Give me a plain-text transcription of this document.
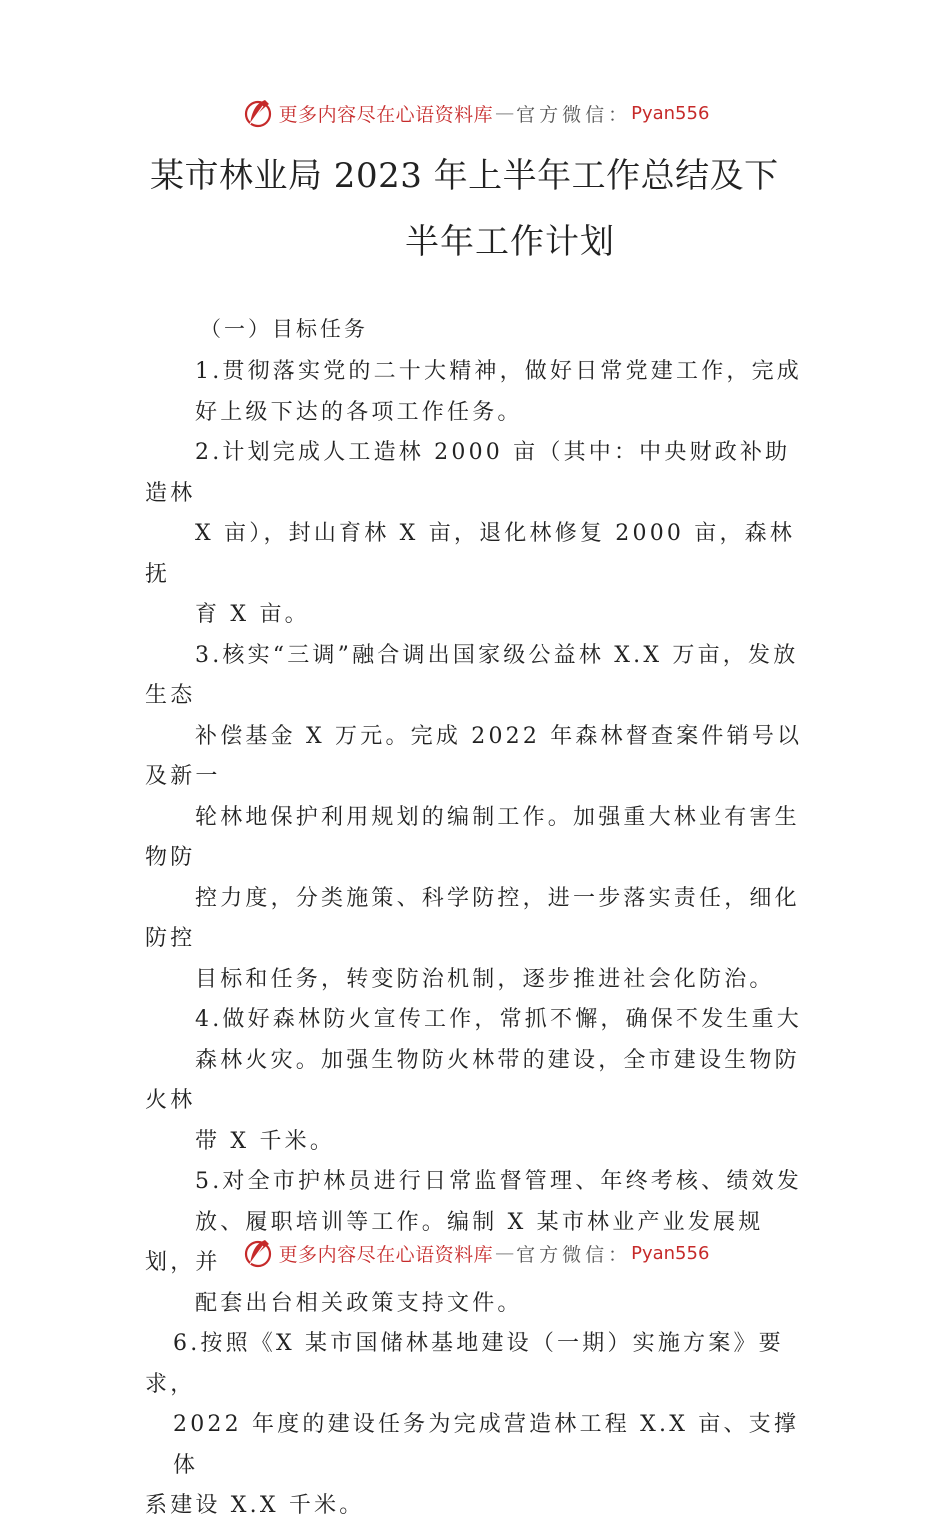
更多内容尽在心语资料库 — 官方微信： Pyan556
某市林业局 2023 年上半年工作总结及下
半年工作计划
（一）目标任务

1.贯彻落实党的二十大精神，做好日常党建工作，完成
好上级下达的各项工作任务。

2.计划完成人工造林 2000 亩（其中：中央财政补助造林
X 亩），封山育林 X 亩，退化林修复 2000 亩，森林抚
育 X 亩。

3.核实“三调”融合调出国家级公益林 X.X 万亩，发放生态
补偿基金 X 万元。完成 2022 年森林督查案件销号以及新一
轮林地保护利用规划的编制工作。加强重大林业有害生物防
控力度，分类施策、科学防控，进一步落实责任，细化防控
目标和任务，转变防治机制，逐步推进社会化防治。

4.做好森林防火宣传工作，常抓不懈，确保不发生重大
森林火灾。加强生物防火林带的建设，全市建设生物防火林
带 X 千米。

5.对全市护林员进行日常监督管理、年终考核、绩效发
放、履职培训等工作。编制 X 某市林业产业发展规划，并
配套出台相关政策支持文件。

6.按照《X 某市国储林基地建设（一期）实施方案》要求，
2022 年度的建设任务为完成营造林工程 X.X 亩、支撑体
系建设 X.X 千米。

更多内容尽在心语资料库 — 官方微信： Pyan556
